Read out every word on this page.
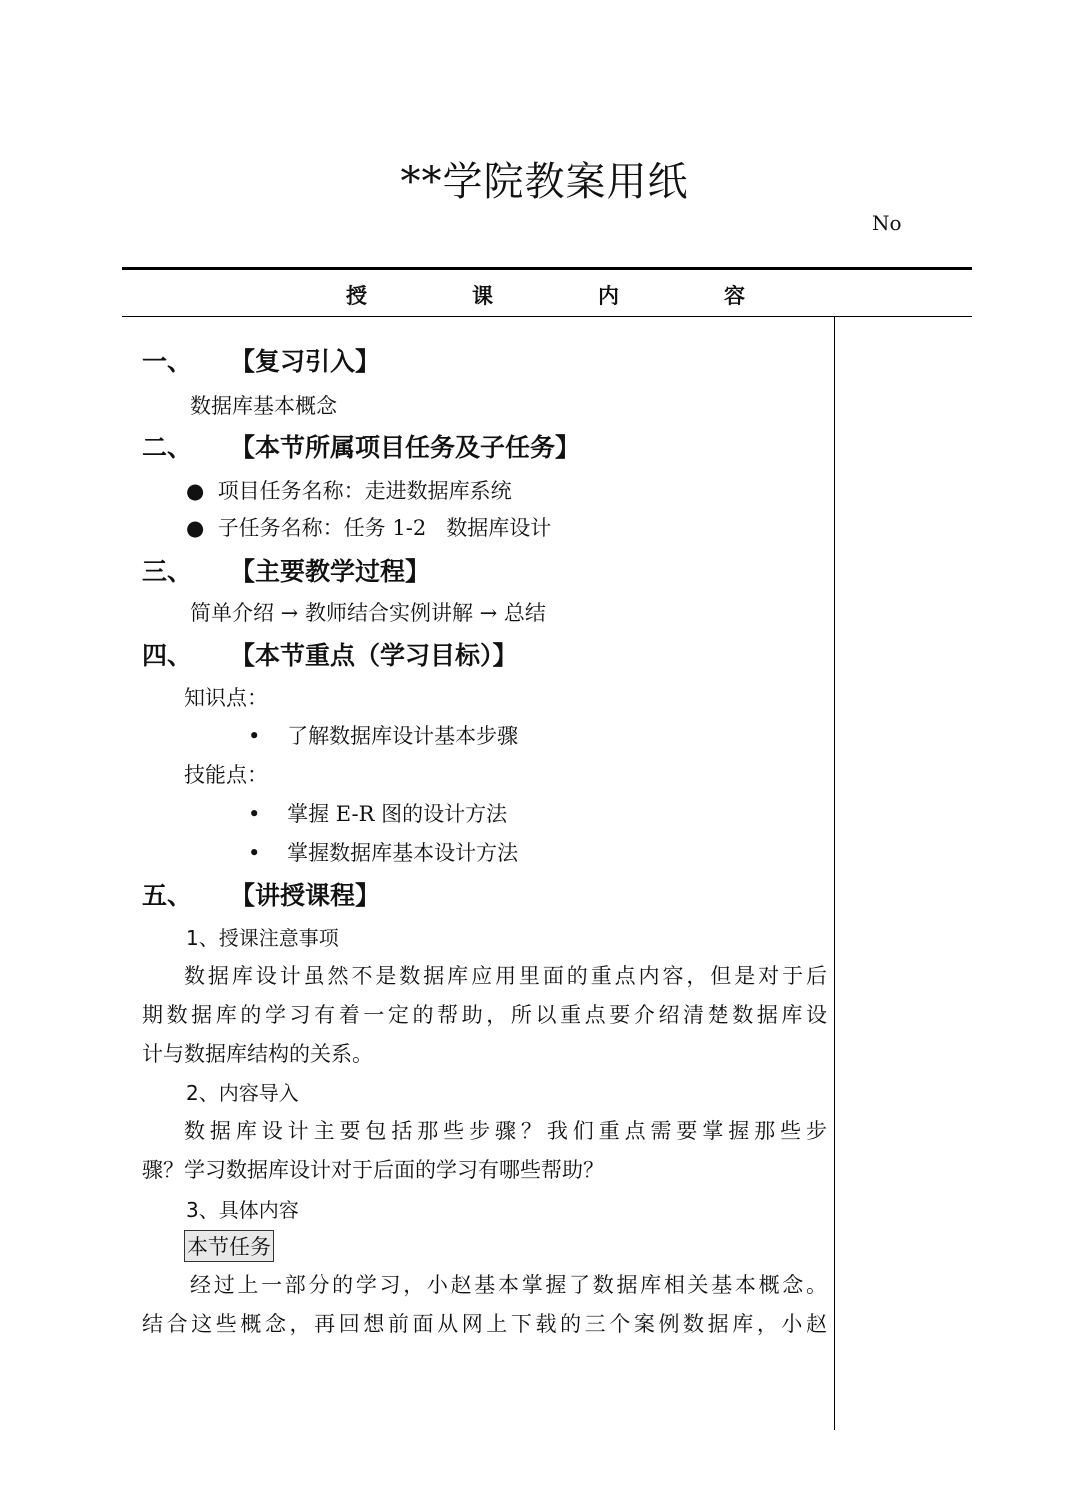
**学院教案用纸
No
授	课	内	容
一、 【复习引入】
数据库基本概念
二、 【本节所属项目任务及子任务】
● 项目任务名称：走进数据库系统
● 子任务名称：任务 1-2   数据库设计
三、 【主要教学过程】
简单介绍 → 教师结合实例讲解 → 总结
四、 【本节重点（学习目标）】
知识点：
• 了解数据库设计基本步骤
技能点：
• 掌握 E-R 图的设计方法
• 掌握数据库基本设计方法
五、 【讲授课程】
1、授课注意事项
数据库设计虽然不是数据库应用里面的重点内容，但是对于后
期数据库的学习有着一定的帮助，所以重点要介绍清楚数据库设
计与数据库结构的关系。
2、内容导入
数据库设计主要包括那些步骤？我们重点需要掌握那些步
骤？学习数据库设计对于后面的学习有哪些帮助？
3、具体内容
本节任务
经过上一部分的学习，小赵基本掌握了数据库相关基本概念。
结合这些概念，再回想前面从网上下载的三个案例数据库，小赵
